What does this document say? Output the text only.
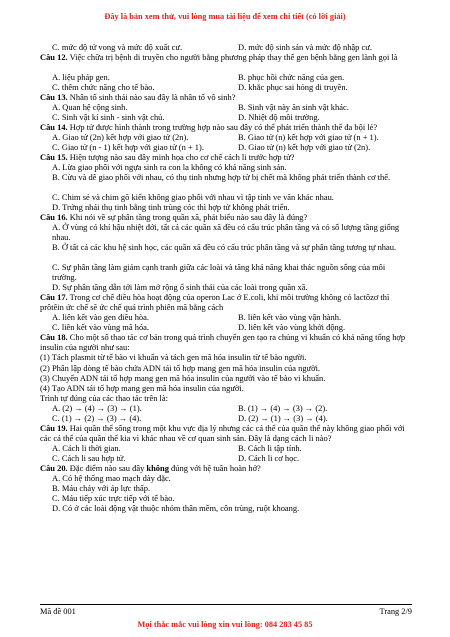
Đây là bản xem thử, vui lòng mua tài liệu để xem chi tiết (có lời giải)
C. mức độ tử vong và mức độ xuất cư.	D. mức độ sinh sản và mức độ nhập cư.
Câu 12. Việc chữa trị bệnh di truyền cho người bằng phương pháp thay thế gen bệnh bằng gen lành gọi là
A. liệu pháp gen.	B. phục hồi chức năng của gen.
C. thêm chức năng cho tế bào.	D. khắc phục sai hỏng di truyền.
Câu 13. Nhân tố sinh thái nào sau đây là nhân tố vô sinh?
A. Quan hệ cộng sinh.	B. Sinh vật này ăn sinh vật khác.
C. Sinh vật kí sinh - sinh vật chủ.	D. Nhiệt độ môi trường.
Câu 14. Hợp tử được hình thành trong trường hợp nào sau đây có thể phát triển thành thể đa bội lẻ?
A. Giao tử (2n) kết hợp với giao tử (2n).	B. Giao tử (n) kết hợp với giao tử (n + 1).
C. Giao tử (n - 1) kết hợp với giao tử (n + 1).	D. Giao tử (n) kết hợp với giao tử (2n).
Câu 15. Hiện tượng nào sau đây minh họa cho cơ chế cách li trước hợp tử?
A. Lừa giao phối với ngựa sinh ra con la không có khả năng sinh sản.
B. Cừu và dê giao phối với nhau, có thụ tinh nhưng hợp tử bị chết mà không phát triển thành cơ thể.
C. Chim sẻ và chim gõ kiến không giao phối với nhau vì tập tính ve vãn khác nhau.
D. Trứng nhái thụ tinh bằng tinh trùng cóc thì hợp tử không phát triển.
Câu 16. Khi nói về sự phân tầng trong quần xã, phát biểu nào sau đây là đúng?
A. Ở vùng có khí hậu nhiệt đới, tất cả các quần xã đều có cấu trúc phân tầng và có số lượng tầng giống nhau.
B. Ở tất cả các khu hệ sinh học, các quần xã đều có cấu trúc phân tầng và sự phân tầng tương tự nhau.
C. Sự phân tầng làm giảm cạnh tranh giữa các loài và tăng khả năng khai thác nguồn sống của môi trường.
D. Sự phân tầng dẫn tới làm mở rộng ổ sinh thái của các loài trong quần xã.
Câu 17. Trong cơ chế điều hòa hoạt động của operon Lac ở E.coli, khi môi trường không có lactôzơ thì prôtêin ức chế sẽ ức chế quá trình phiên mã bằng cách
A. liên kết vào gen điều hòa.	B. liên kết vào vùng vận hành.
C. liên kết vào vùng mã hóa.	D. liên kết vào vùng khởi động.
Câu 18. Cho một số thao tác cơ bản trong quá trình chuyển gen tạo ra chủng vi khuẩn có khả năng tổng hợp insulin của người như sau:
(1) Tách plasmit từ tế bào vi khuẩn và tách gen mã hóa insulin từ tế bào người.
(2) Phân lập dòng tế bào chứa ADN tái tổ hợp mang gen mã hóa insulin của người.
(3) Chuyển ADN tái tổ hợp mang gen mã hóa insulin của người vào tế bào vi khuẩn.
(4) Tạo ADN tái tổ hợp mang gen mã hóa insulin của người.
Trình tự đúng của các thao tác trên là:
A. (2) → (4) → (3) → (1).	B. (1) → (4) → (3) → (2).
C. (1) → (2) → (3) → (4).	D. (2) → (1) → (3) → (4).
Câu 19. Hai quần thể sống trong một khu vực địa lý nhưng các cá thể của quần thể này không giao phối với các cá thể của quần thể kia vì khác nhau về cơ quan sinh sản. Đây là dạng cách li nào?
A. Cách li thời gian.	B. Cách li tập tính.
C. Cách li sau hợp tử.	D. Cách li cơ học.
Câu 20. Đặc điểm nào sau đây không đúng với hệ tuần hoàn hở?
A. Có hệ thống mao mạch dày đặc.
B. Máu chảy với áp lực thấp.
C. Máu tiếp xúc trực tiếp với tế bào.
D. Có ở các loài động vật thuộc nhóm thân mềm, côn trùng, ruột khoang.
Mã đề 001	Trang 2/9
Mọi thắc mắc vui lòng xin vui lòng: 084 283 45 85
